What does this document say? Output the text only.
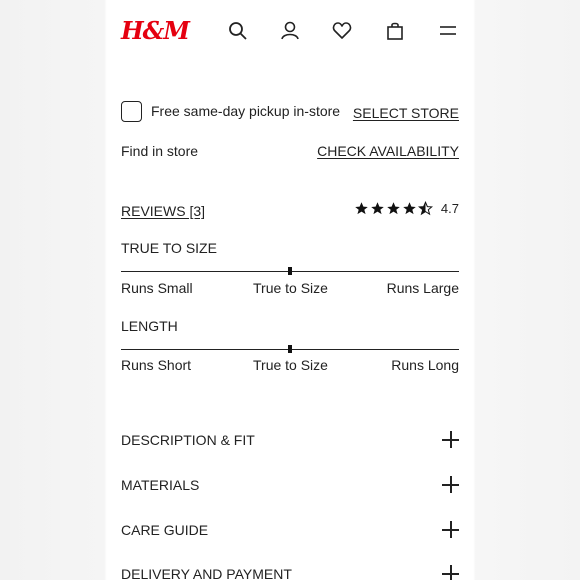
H&M
Free same-day pickup in-store SELECT STORE
Find in store	CHECK AVAILABILITY
REVIEWS [3]	4.7
TRUE TO SIZE
Runs Small	True to Size	Runs Large
LENGTH
Runs Short	True to Size	Runs Long
DESCRIPTION & FIT
MATERIALS
CARE GUIDE
DELIVERY AND PAYMENT
